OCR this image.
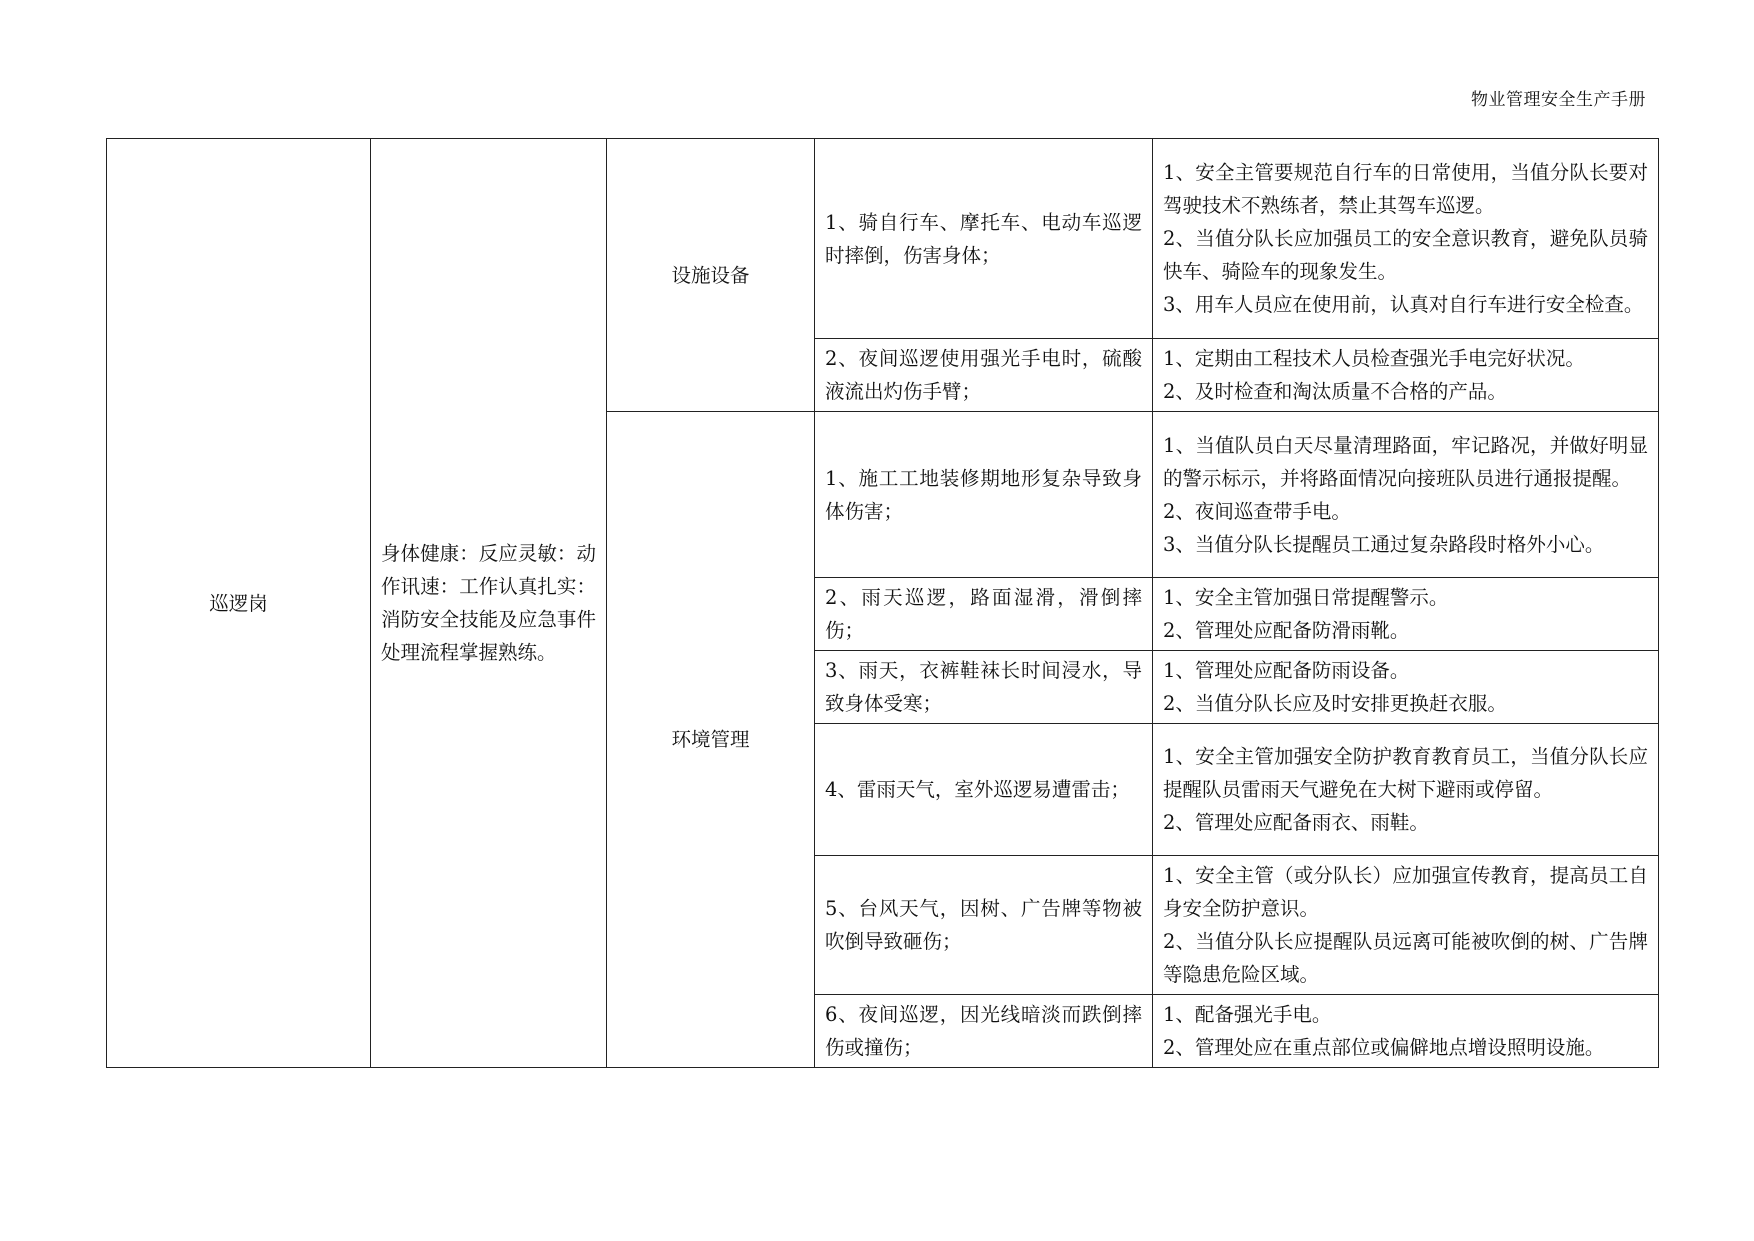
物业管理安全生产手册
巡逻岗	身体健康：反应灵敏：动作讯速：工作认真扎实：消防安全技能及应急事件处理流程掌握熟练。	设施设备	1、骑自行车、摩托车、电动车巡逻时摔倒，伤害身体；	1、安全主管要规范自行车的日常使用，当值分队长要对驾驶技术不熟练者，禁止其驾车巡逻。
2、当值分队长应加强员工的安全意识教育，避免队员骑快车、骑险车的现象发生。
3、用车人员应在使用前，认真对自行车进行安全检查。

			2、夜间巡逻使用强光手电时，硫酸液流出灼伤手臂；	1、定期由工程技术人员检查强光手电完好状况。
2、及时检查和淘汰质量不合格的产品。

		环境管理	1、施工工地装修期地形复杂导致身体伤害；	1、当值队员白天尽量清理路面，牢记路况，并做好明显的警示标示，并将路面情况向接班队员进行通报提醒。
2、夜间巡查带手电。
3、当值分队长提醒员工通过复杂路段时格外小心。

			2、雨天巡逻，路面湿滑，滑倒摔伤；	1、安全主管加强日常提醒警示。
2、管理处应配备防滑雨靴。

			3、雨天，衣裤鞋袜长时间浸水，导致身体受寒；	1、管理处应配备防雨设备。
2、当值分队长应及时安排更换赶衣服。

			4、雷雨天气，室外巡逻易遭雷击；	1、安全主管加强安全防护教育教育员工，当值分队长应提醒队员雷雨天气避免在大树下避雨或停留。
2、管理处应配备雨衣、雨鞋。

			5、台风天气，因树、广告牌等物被吹倒导致砸伤；	1、安全主管（或分队长）应加强宣传教育，提高员工自身安全防护意识。
2、当值分队长应提醒队员远离可能被吹倒的树、广告牌等隐患危险区域。

			6、夜间巡逻，因光线暗淡而跌倒摔伤或撞伤；	1、配备强光手电。
2、管理处应在重点部位或偏僻地点增设照明设施。
